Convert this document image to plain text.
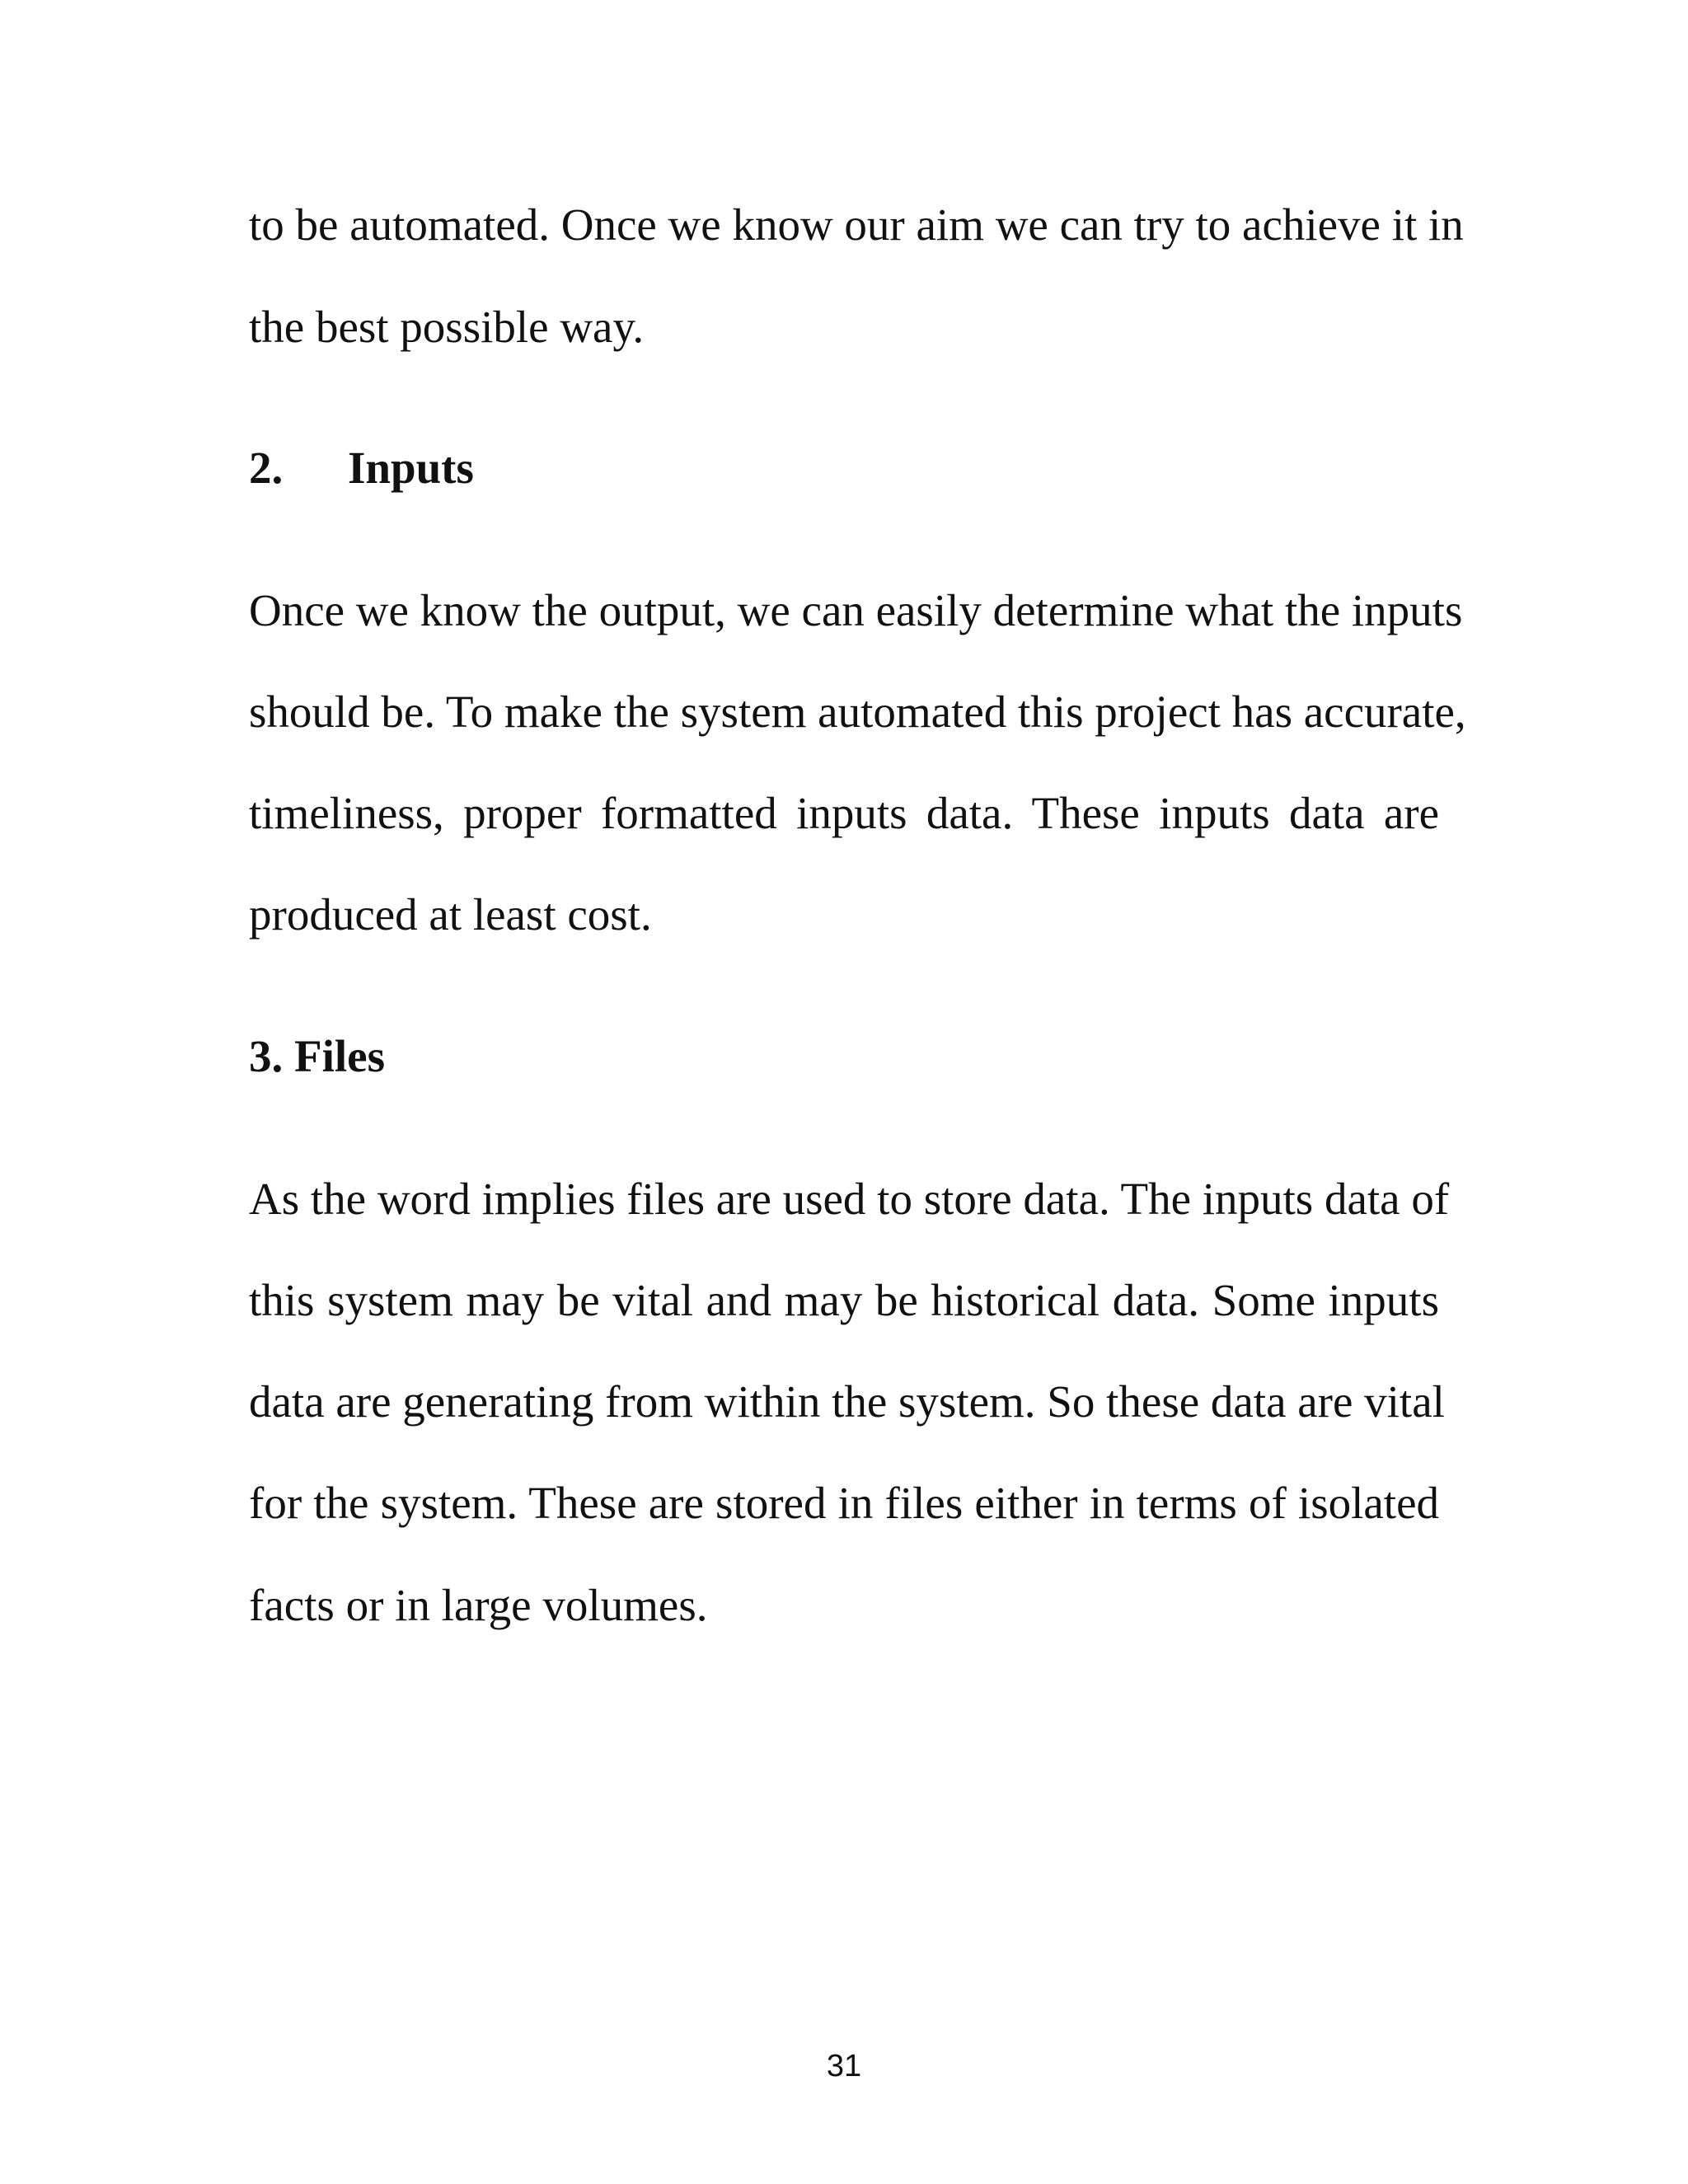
to be automated. Once we know our aim we can try to achieve it in
the best possible way.
2. Inputs
Once we know the output, we can easily determine what the inputs
should be. To make the system automated this project has accurate,
timeliness, proper formatted inputs data. These inputs data are
produced at least cost.
3. Files
As the word implies files are used to store data. The inputs data of
this system may be vital and may be historical data. Some inputs
data are generating from within the system. So these data are vital
for the system. These are stored in files either in terms of isolated
facts or in large volumes.
31
